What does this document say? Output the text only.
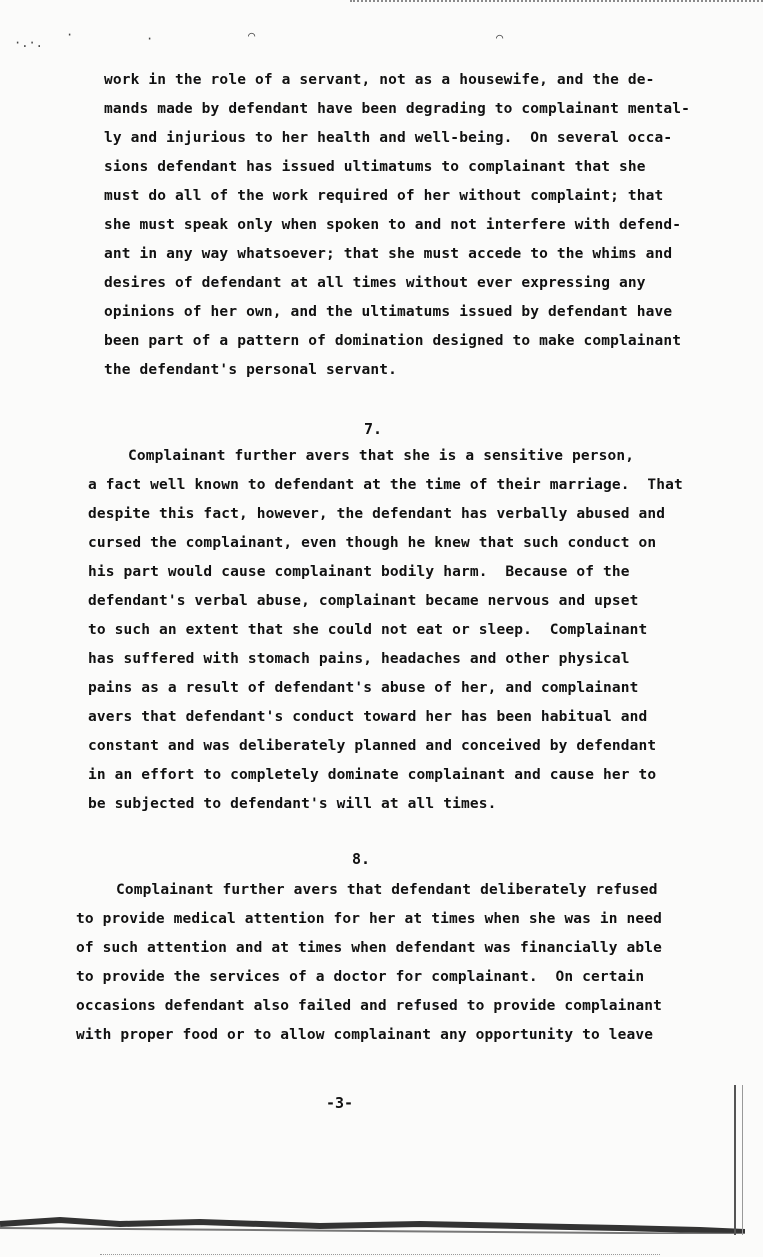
·.·.
·	·	⌒	⌒
work in the role of a servant, not as a housewife, and the de-
mands made by defendant have been degrading to complainant mental-
ly and injurious to her health and well-being.  On several occa-
sions defendant has issued ultimatums to complainant that she
must do all of the work required of her without complaint; that
she must speak only when spoken to and not interfere with defend-
ant in any way whatsoever; that she must accede to the whims and
desires of defendant at all times without ever expressing any
opinions of her own, and the ultimatums issued by defendant have
been part of a pattern of domination designed to make complainant
the defendant's personal servant.
7.
Complainant further avers that she is a sensitive person,
a fact well known to defendant at the time of their marriage.  That
despite this fact, however, the defendant has verbally abused and
cursed the complainant, even though he knew that such conduct on
his part would cause complainant bodily harm.  Because of the
defendant's verbal abuse, complainant became nervous and upset
to such an extent that she could not eat or sleep.  Complainant
has suffered with stomach pains, headaches and other physical
pains as a result of defendant's abuse of her, and complainant
avers that defendant's conduct toward her has been habitual and
constant and was deliberately planned and conceived by defendant
in an effort to completely dominate complainant and cause her to
be subjected to defendant's will at all times.
8.
Complainant further avers that defendant deliberately refused
to provide medical attention for her at times when she was in need
of such attention and at times when defendant was financially able
to provide the services of a doctor for complainant.  On certain
occasions defendant also failed and refused to provide complainant
with proper food or to allow complainant any opportunity to leave
-3-
